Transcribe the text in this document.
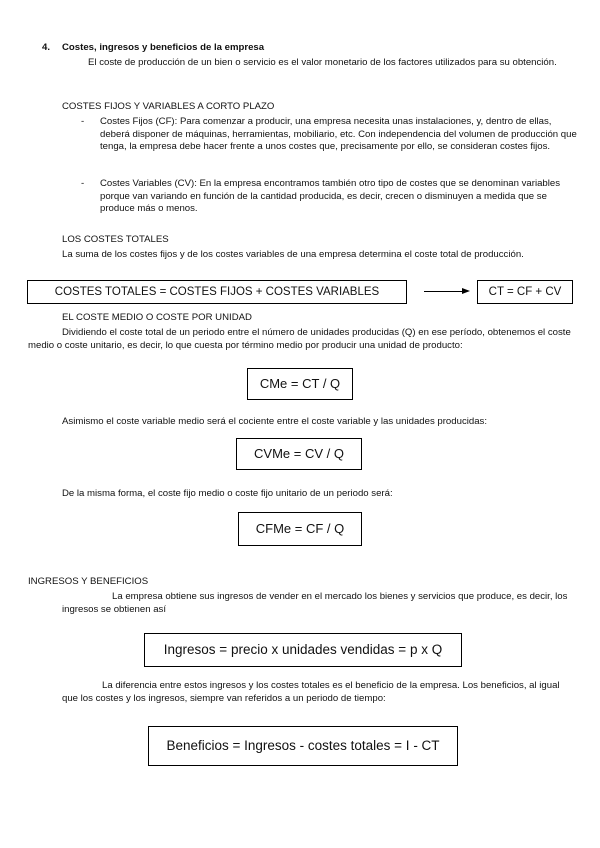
4. Costes, ingresos y beneficios de la empresa
El coste de producción de un bien o servicio es el valor monetario de los factores utilizados para su obtención.
COSTES FIJOS Y VARIABLES A CORTO PLAZO
- Costes Fijos (CF): Para comenzar a producir, una empresa necesita unas instalaciones, y, dentro de ellas, deberá disponer de máquinas, herramientas, mobiliario, etc. Con independencia del volumen de producción que tenga, la empresa debe hacer frente a unos costes que, precisamente por ello, se consideran costes fijos.
- Costes Variables (CV): En la empresa encontramos también otro tipo de costes que se denominan variables porque van variando en función de la cantidad producida, es decir, crecen o disminuyen a medida que se produce más o menos.
LOS COSTES TOTALES
La suma de los costes fijos y de los costes variables de una empresa determina el coste total de producción.
COSTES TOTALES = COSTES FIJOS + COSTES VARIABLES	CT = CF + CV
EL COSTE MEDIO O COSTE POR UNIDAD
Dividiendo el coste total de un periodo entre el número de unidades producidas (Q) en ese período, obtenemos el coste medio o coste unitario, es decir, lo que cuesta por término medio por producir una unidad de producto:
CMe = CT / Q
Asimismo el coste variable medio será el cociente entre el coste variable y las unidades producidas:
CVMe = CV / Q
De la misma forma, el coste fijo medio o coste fijo unitario de un periodo será:
CFMe = CF / Q
INGRESOS Y BENEFICIOS
La empresa obtiene sus ingresos de vender en el mercado los bienes y servicios que produce, es decir, los ingresos se obtienen así
Ingresos = precio x unidades vendidas = p x Q
La diferencia entre estos ingresos y los costes totales es el beneficio de la empresa. Los beneficios, al igual que los costes y los ingresos, siempre van referidos a un periodo de tiempo:
Beneficios = Ingresos - costes totales = I - CT
